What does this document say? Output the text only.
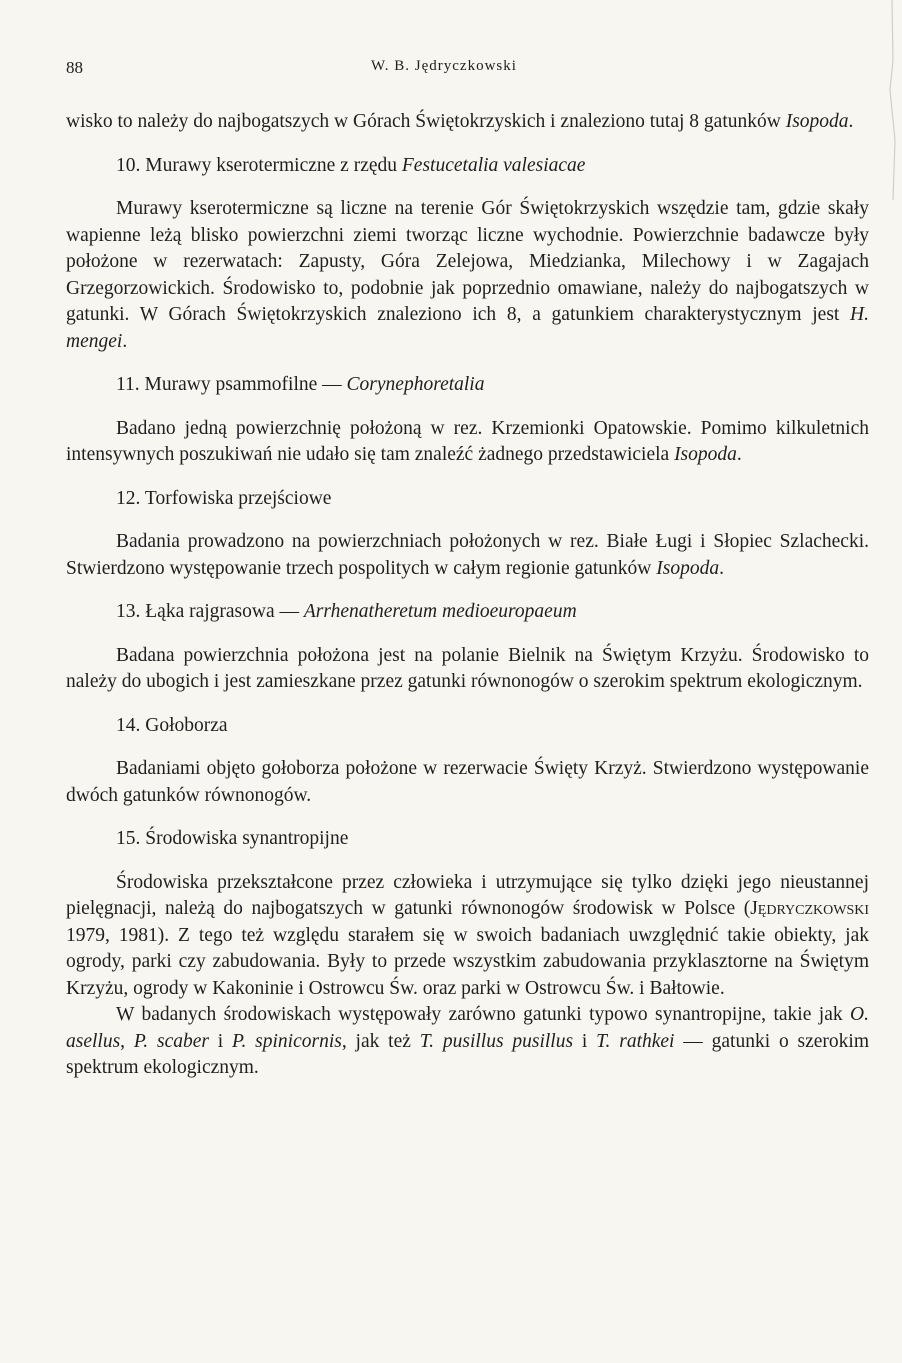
88	W. B. Jędryczkowski

wisko to należy do najbogatszych w Górach Świętokrzyskich i znaleziono tutaj 8 gatunków Isopoda.

10. Murawy kserotermiczne z rzędu Festucetalia valesiacae

Murawy kserotermiczne są liczne na terenie Gór Świętokrzyskich wszędzie tam, gdzie skały wapienne leżą blisko powierzchni ziemi tworząc liczne wychodnie. Powierzchnie badawcze były położone w rezerwatach: Zapusty, Góra Zelejowa, Miedzianka, Milechowy i w Zagajach Grzegorzowickich. Środowisko to, podobnie jak poprzednio omawiane, należy do najbogatszych w gatunki. W Górach Świętokrzyskich znaleziono ich 8, a gatunkiem charakterystycznym jest H. mengei.

11. Murawy psammofilne — Corynephoretalia

Badano jedną powierzchnię położoną w rez. Krzemionki Opatowskie. Pomimo kilkuletnich intensywnych poszukiwań nie udało się tam znaleźć żadnego przedstawiciela Isopoda.

12. Torfowiska przejściowe

Badania prowadzono na powierzchniach położonych w rez. Białe Ługi i Słopiec Szlachecki. Stwierdzono występowanie trzech pospolitych w całym regionie gatunków Isopoda.

13. Łąka rajgrasowa — Arrhenatheretum medioeuropaeum

Badana powierzchnia położona jest na polanie Bielnik na Świętym Krzyżu. Środowisko to należy do ubogich i jest zamieszkane przez gatunki równonogów o szerokim spektrum ekologicznym.

14. Gołoborza

Badaniami objęto gołoborza położone w rezerwacie Święty Krzyż. Stwierdzono występowanie dwóch gatunków równonogów.

15. Środowiska synantropijne

Środowiska przekształcone przez człowieka i utrzymujące się tylko dzięki jego nieustannej pielęgnacji, należą do najbogatszych w gatunki równonogów środowisk w Polsce (Jędryczkowski 1979, 1981). Z tego też względu starałem się w swoich badaniach uwzględnić takie obiekty, jak ogrody, parki czy zabudowania. Były to przede wszystkim zabudowania przyklasztorne na Świętym Krzyżu, ogrody w Kakoninie i Ostrowcu Św. oraz parki w Ostrowcu Św. i Bałtowie.

W badanych środowiskach występowały zarówno gatunki typowo synantropijne, takie jak O. asellus, P. scaber i P. spinicornis, jak też T. pusillus pusillus i T. rathkei — gatunki o szerokim spektrum ekologicznym.
